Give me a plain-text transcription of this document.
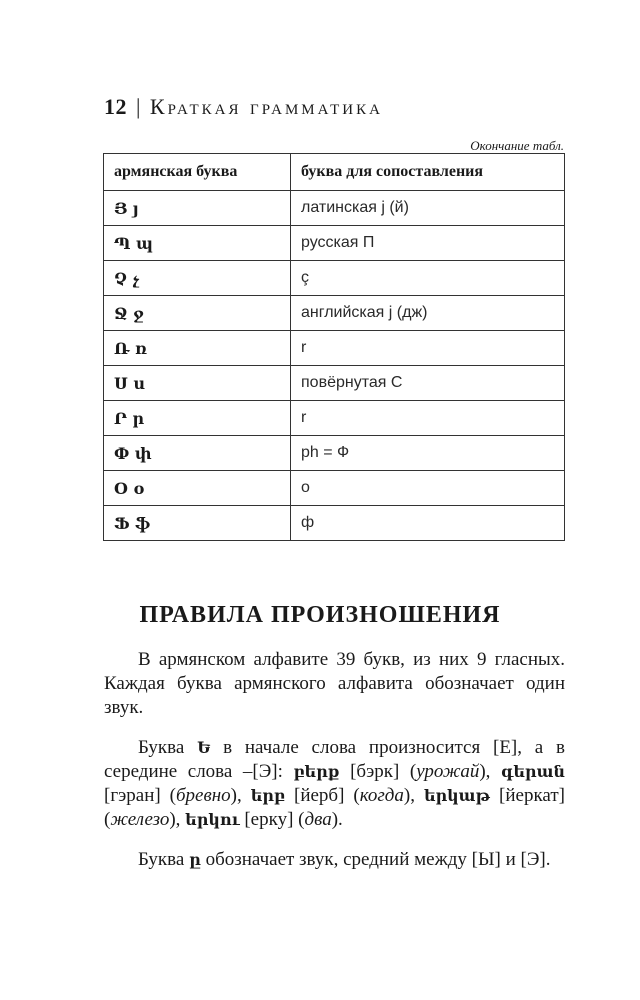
12 | Краткая грамматика
Окончание табл.
армянская буква	буква для сопоставления
Յ յ	латинская j (й)
Պ պ	русская П
Չ չ	ç
Ջ ջ	английская j (дж)
Ռ ռ	r
Ս ս	повёрнутая С
Ր ր	r
Փ փ	ph = Ф
Օ օ	o
Ֆ ֆ	ф
ПРАВИЛА ПРОИЗНОШЕНИЯ

В армянском алфавите 39 букв, из них 9 гласных. Каждая буква армянского алфавита обозначает один звук.

Буква Ե в начале слова произносится [Е], а в середине слова –[Э]: բերք [бэрк] (урожай), գերան [гэран] (бревно), երբ [йерб] (когда), երկաթ [йеркат] (железо), երկու [ерку] (два).

Буква ը обозначает звук, средний между [Ы] и [Э].
